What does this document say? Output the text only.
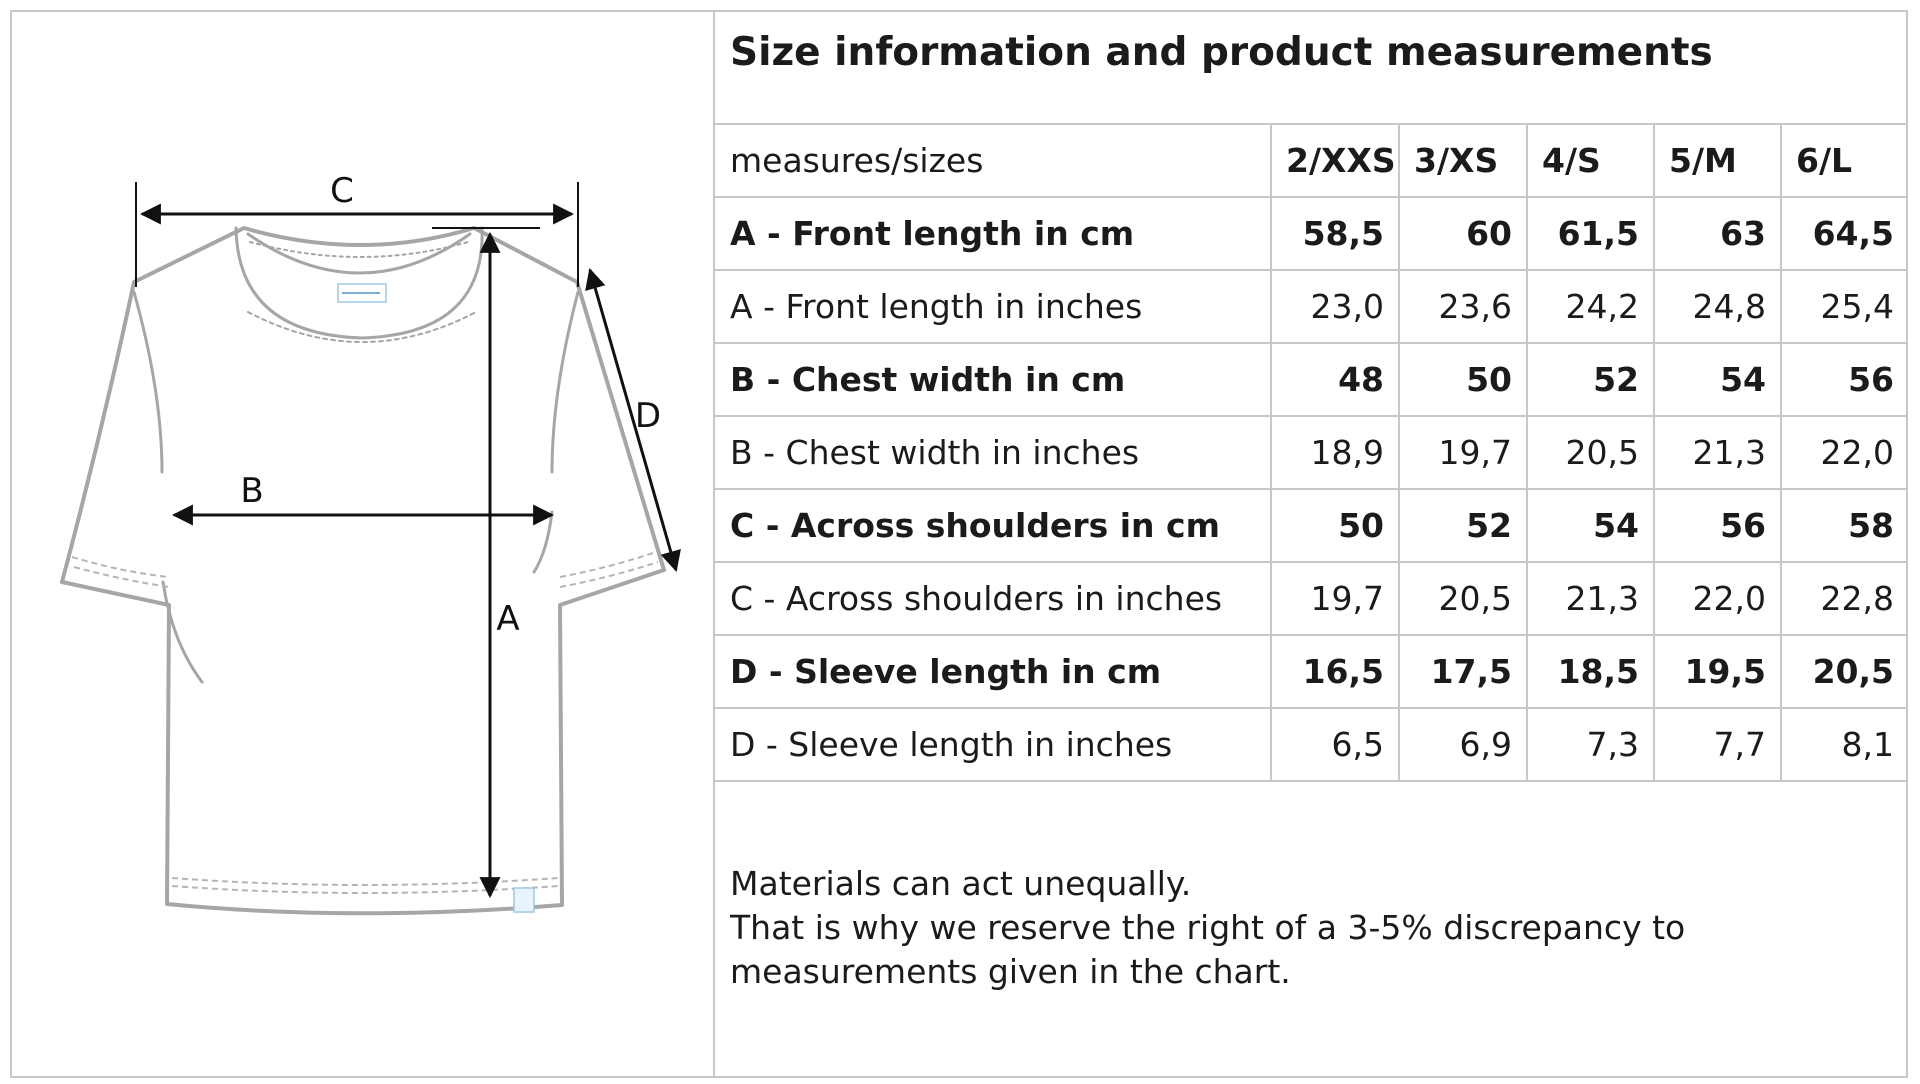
C
B
A
D
Size information and product measurements
measures/sizes	2/XXS	3/XS	4/S	5/M	6/L
A - Front length in cm	58,5	60	61,5	63	64,5
A - Front length in inches	23,0	23,6	24,2	24,8	25,4
B - Chest width in cm	48	50	52	54	56
B - Chest width in inches	18,9	19,7	20,5	21,3	22,0
C - Across shoulders in cm	50	52	54	56	58
C - Across shoulders in inches	19,7	20,5	21,3	22,0	22,8
D - Sleeve length in cm	16,5	17,5	18,5	19,5	20,5
D - Sleeve length in inches	6,5	6,9	7,3	7,7	8,1

Materials can act unequally.

That is why we reserve the right of a 3-5% discrepancy to measurements given in the chart.
